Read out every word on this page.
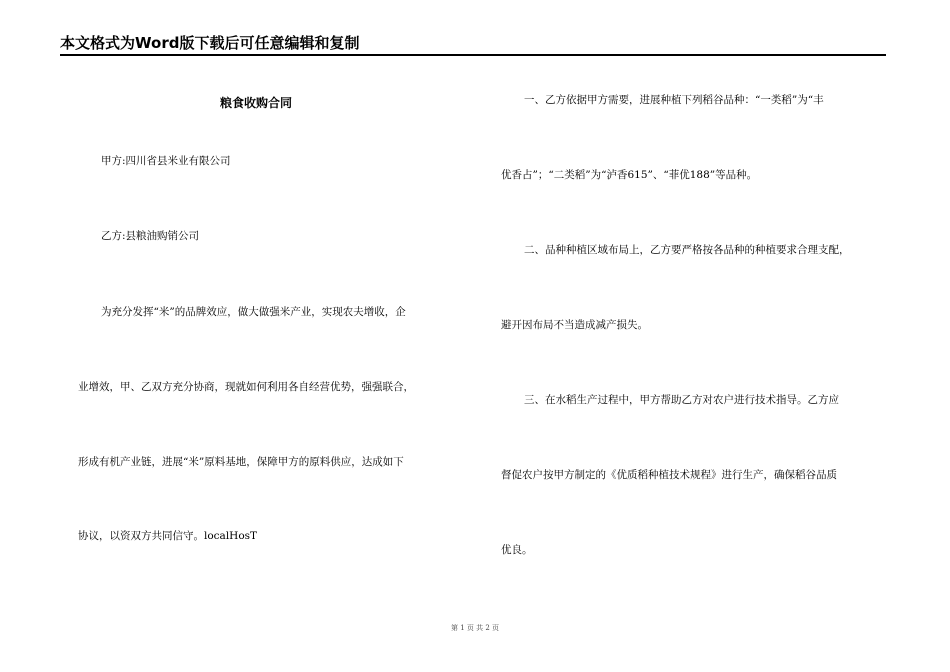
本文格式为Word版下载后可任意编辑和复制
粮食收购合同
甲方:四川省县米业有限公司
乙方:县粮油购销公司
为充分发挥“米”的品牌效应，做大做强米产业，实现农夫增收，企
业增效，甲、乙双方充分协商，现就如何利用各自经营优势，强强联合，
形成有机产业链，进展“米”原料基地，保障甲方的原料供应，达成如下
协议，以资双方共同信守。localHosT
一、乙方依据甲方需要，进展种植下列稻谷品种：“一类稻”为“丰
优香占”；“二类稻”为“泸香615”、“菲优188”等品种。
二、品种种植区域布局上，乙方要严格按各品种的种植要求合理支配，
避开因布局不当造成减产损失。
三、在水稻生产过程中，甲方帮助乙方对农户进行技术指导。乙方应
督促农户按甲方制定的《优质稻种植技术规程》进行生产，确保稻谷品质
优良。
第 1 页 共 2 页
